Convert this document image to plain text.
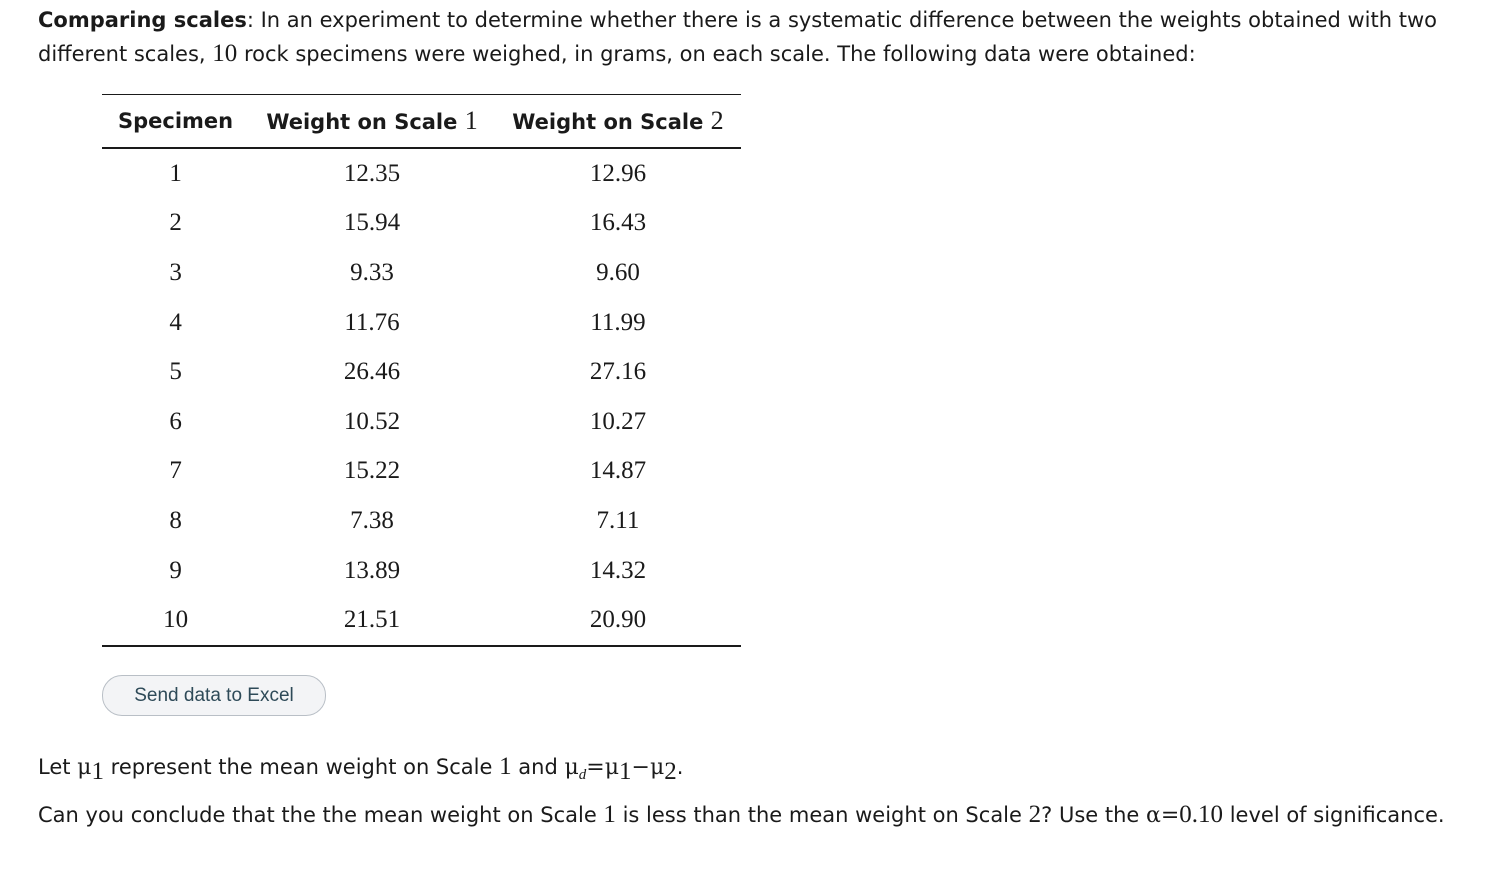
Comparing scales: In an experiment to determine whether there is a systematic difference between the weights obtained with two different scales, 10 rock specimens were weighed, in grams, on each scale. The following data were obtained:
Specimen	Weight on Scale 1	Weight on Scale 2
1	12.35	12.96
2	15.94	16.43
3	9.33	9.60
4	11.76	11.99
5	26.46	27.16
6	10.52	10.27
7	15.22	14.87
8	7.38	7.11
9	13.89	14.32
10	21.51	20.90
Send data to Excel
Let $\mu_1$ represent the mean weight on Scale 1 and $\mu_d=\mu_1-\mu_2$.
Can you conclude that the the mean weight on Scale 1 is less than the mean weight on Scale 2? Use the α=0.10 level of significance.
